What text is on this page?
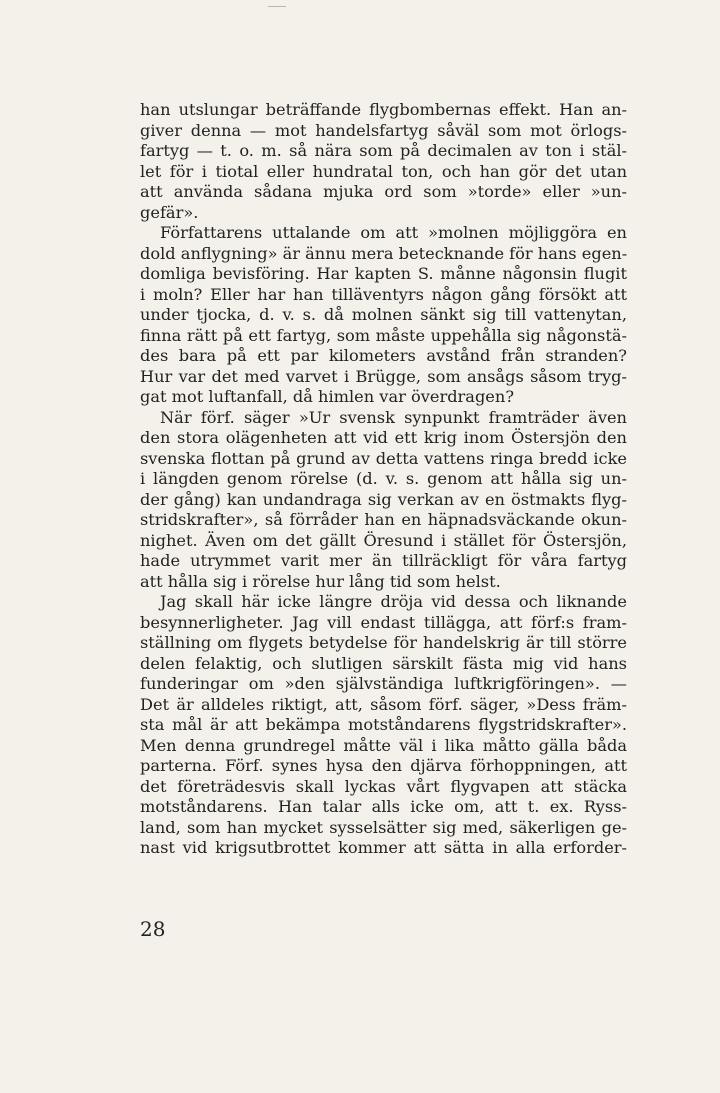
han utslungar beträffande flygbombernas effekt. Han an-
giver denna — mot handelsfartyg såväl som mot örlogs-
fartyg — t. o. m. så nära som på decimalen av ton i stäl-
let för i tiotal eller hundratal ton, och han gör det utan
att använda sådana mjuka ord som »torde» eller »un-
gefär».
Författarens uttalande om att »molnen möjliggöra en
dold anflygning» är ännu mera betecknande för hans egen-
domliga bevisföring. Har kapten S. månne någonsin flugit
i moln? Eller har han tilläventyrs någon gång försökt att
under tjocka, d. v. s. då molnen sänkt sig till vattenytan,
finna rätt på ett fartyg, som måste uppehålla sig någonstä-
des bara på ett par kilometers avstånd från stranden?
Hur var det med varvet i Brügge, som ansågs såsom tryg-
gat mot luftanfall, då himlen var överdragen?
När förf. säger »Ur svensk synpunkt framträder även
den stora olägenheten att vid ett krig inom Östersjön den
svenska flottan på grund av detta vattens ringa bredd icke
i längden genom rörelse (d. v. s. genom att hålla sig un-
der gång) kan undandraga sig verkan av en östmakts flyg-
stridskrafter», så förråder han en häpnadsväckande okun-
nighet. Även om det gällt Öresund i stället för Östersjön,
hade utrymmet varit mer än tillräckligt för våra fartyg
att hålla sig i rörelse hur lång tid som helst.
Jag skall här icke längre dröja vid dessa och liknande
besynnerligheter. Jag vill endast tillägga, att förf:s fram-
ställning om flygets betydelse för handelskrig är till större
delen felaktig, och slutligen särskilt fästa mig vid hans
funderingar om »den självständiga luftkrigföringen». —
Det är alldeles riktigt, att, såsom förf. säger, »Dess främ-
sta mål är att bekämpa motståndarens flygstridskrafter».
Men denna grundregel måtte väl i lika måtto gälla båda
parterna. Förf. synes hysa den djärva förhoppningen, att
det företrädesvis skall lyckas vårt flygvapen att stäcka
motståndarens. Han talar alls icke om, att t. ex. Ryss-
land, som han mycket sysselsätter sig med, säkerligen ge-
nast vid krigsutbrottet kommer att sätta in alla erforder-
28
